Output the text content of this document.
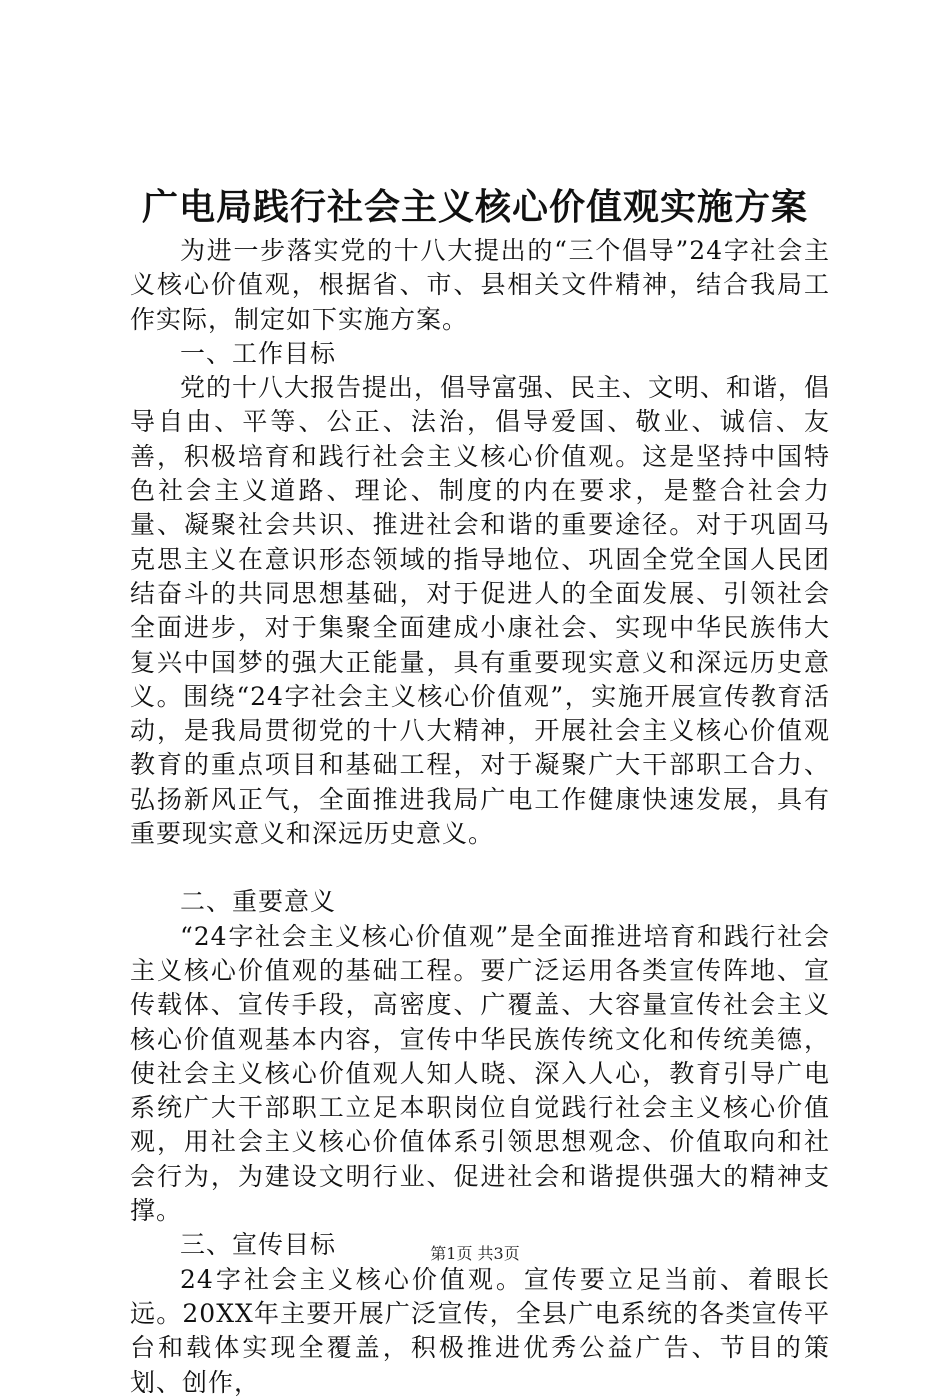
广电局践行社会主义核心价值观实施方案

为进一步落实党的十八大提出的“三个倡导”24字社会主义核心价值观，根据省、市、县相关文件精神，结合我局工作实际，制定如下实施方案。

一、工作目标

党的十八大报告提出，倡导富强、民主、文明、和谐，倡导自由、平等、公正、法治，倡导爱国、敬业、诚信、友善，积极培育和践行社会主义核心价值观。这是坚持中国特色社会主义道路、理论、制度的内在要求，是整合社会力量、凝聚社会共识、推进社会和谐的重要途径。对于巩固马克思主义在意识形态领域的指导地位、巩固全党全国人民团结奋斗的共同思想基础，对于促进人的全面发展、引领社会全面进步，对于集聚全面建成小康社会、实现中华民族伟大复兴中国梦的强大正能量，具有重要现实意义和深远历史意义。围绕“24字社会主义核心价值观”，实施开展宣传教育活动，是我局贯彻党的十八大精神，开展社会主义核心价值观教育的重点项目和基础工程，对于凝聚广大干部职工合力、弘扬新风正气，全面推进我局广电工作健康快速发展，具有重要现实意义和深远历史意义。

二、重要意义

“24字社会主义核心价值观”是全面推进培育和践行社会主义核心价值观的基础工程。要广泛运用各类宣传阵地、宣传载体、宣传手段，高密度、广覆盖、大容量宣传社会主义核心价值观基本内容，宣传中华民族传统文化和传统美德，使社会主义核心价值观人知人晓、深入人心，教育引导广电系统广大干部职工立足本职岗位自觉践行社会主义核心价值观，用社会主义核心价值体系引领思想观念、价值取向和社会行为，为建设文明行业、促进社会和谐提供强大的精神支撑。

三、宣传目标

24字社会主义核心价值观。宣传要立足当前、着眼长远。20XX年主要开展广泛宣传，全县广电系统的各类宣传平台和载体实现全覆盖，积极推进优秀公益广告、节目的策划、创作，

第1页 共3页
